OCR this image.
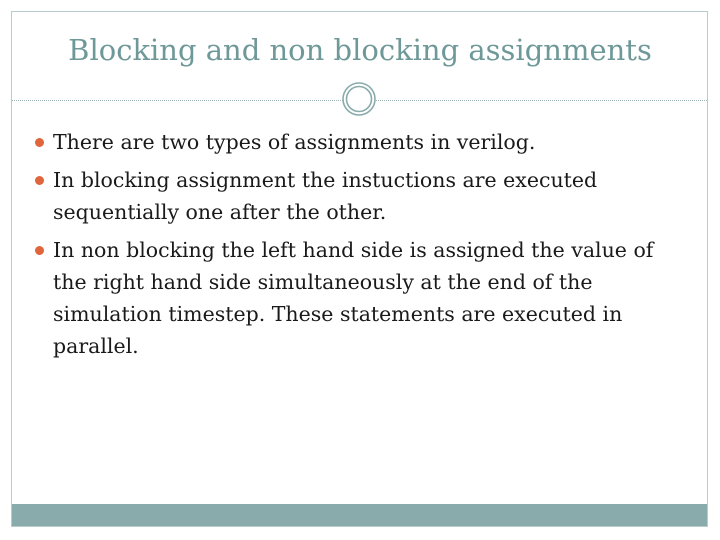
Blocking and non blocking assignments
There are two types of assignments in verilog.
In blocking assignment the instuctions are executed sequentially one after the other.
In non blocking the left hand side is assigned the value of the right hand side simultaneously at the end of the simulation timestep. These statements are executed in parallel.
